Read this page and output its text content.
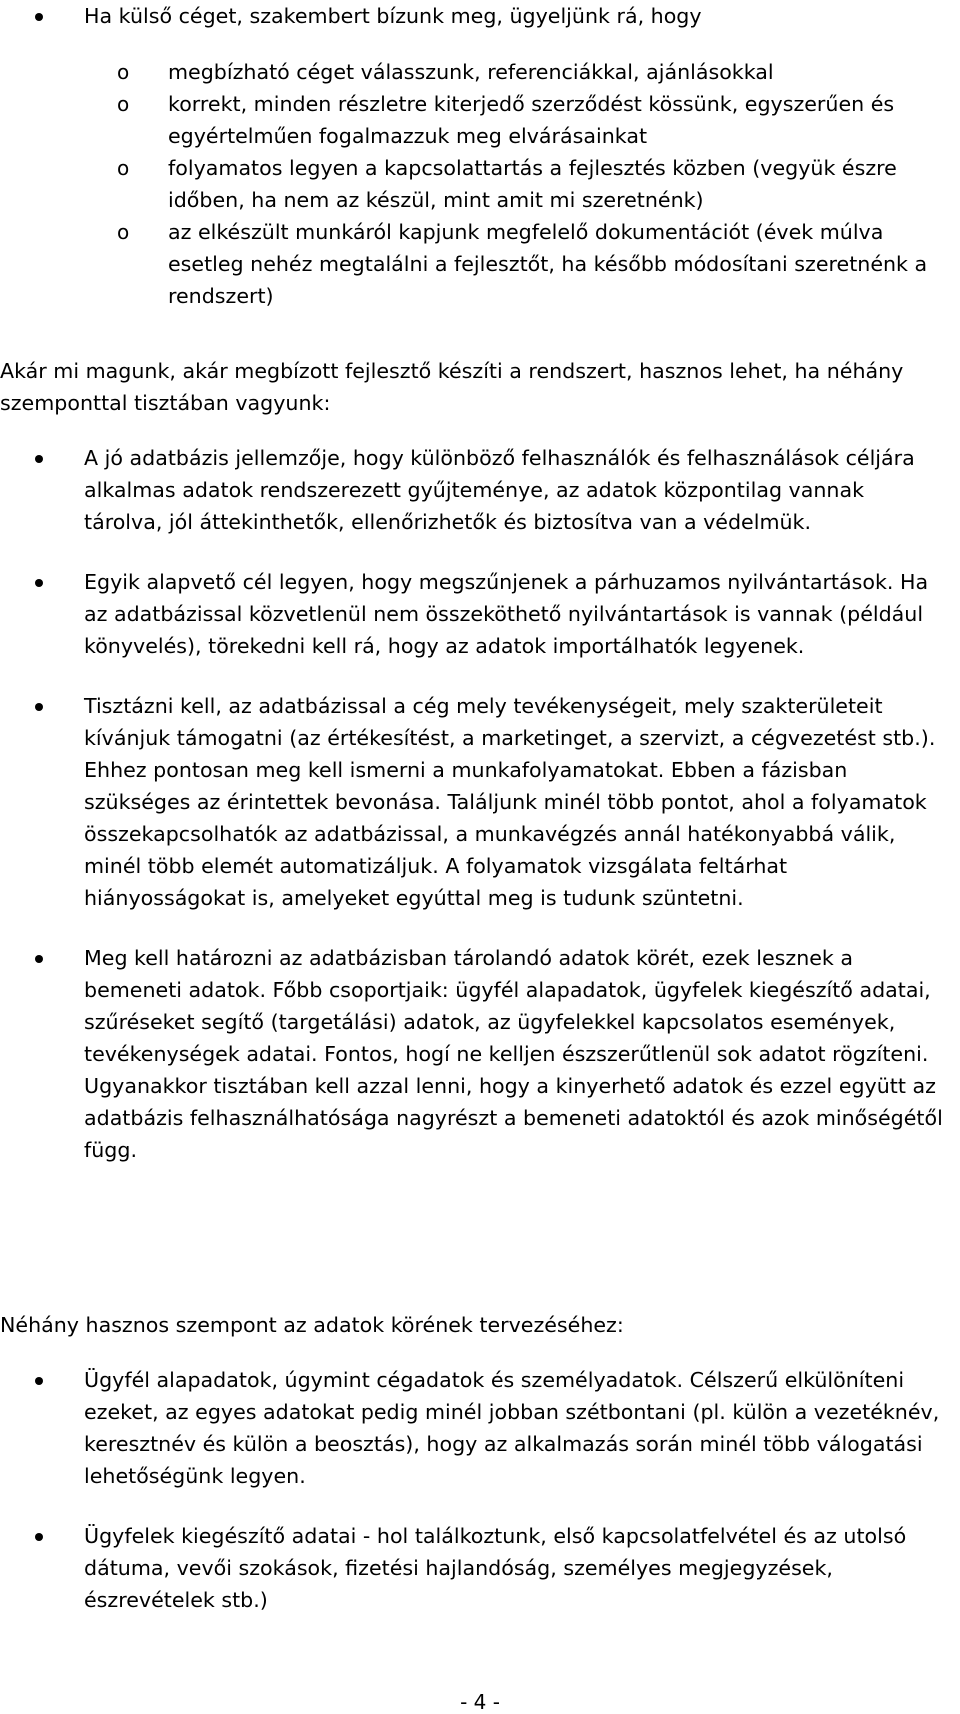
Ha külső céget, szakembert bízunk meg, ügyeljünk rá, hogy
o megbízható céget válasszunk, referenciákkal, ajánlásokkal
o korrekt, minden részletre kiterjedő szerződést kössünk, egyszerűen és egyértelműen fogalmazzuk meg elvárásainkat
o folyamatos legyen a kapcsolattartás a fejlesztés közben (vegyük észre időben, ha nem az készül, mint amit mi szeretnénk)
o az elkészült munkáról kapjunk megfelelő dokumentációt (évek múlva esetleg nehéz megtalálni a fejlesztőt, ha később módosítani szeretnénk a rendszert)

Akár mi magunk, akár megbízott fejlesztő készíti a rendszert, hasznos lehet, ha néhány szemponttal tisztában vagyunk:

A jó adatbázis jellemzője, hogy különböző felhasználók és felhasználások céljára alkalmas adatok rendszerezett gyűjteménye, az adatok központilag vannak tárolva, jól áttekinthetők, ellenőrizhetők és biztosítva van a védelmük.
Egyik alapvető cél legyen, hogy megszűnjenek a párhuzamos nyilvántartások. Ha az adatbázissal közvetlenül nem összeköthető nyilvántartások is vannak (például könyvelés), törekedni kell rá, hogy az adatok importálhatók legyenek.
Tisztázni kell, az adatbázissal a cég mely tevékenységeit, mely szakterületeit kívánjuk támogatni (az értékesítést, a marketinget, a szervizt, a cégvezetést stb.). Ehhez pontosan meg kell ismerni a munkafolyamatokat. Ebben a fázisban szükséges az érintettek bevonása. Találjunk minél több pontot, ahol a folyamatok összekapcsolhatók az adatbázissal, a munkavégzés annál hatékonyabbá válik, minél több elemét automatizáljuk. A folyamatok vizsgálata feltárhat hiányosságokat is, amelyeket egyúttal meg is tudunk szüntetni.
Meg kell határozni az adatbázisban tárolandó adatok körét, ezek lesznek a bemeneti adatok. Főbb csoportjaik: ügyfél alapadatok, ügyfelek kiegészítő adatai, szűréseket segítő (targetálási) adatok, az ügyfelekkel kapcsolatos események, tevékenységek adatai. Fontos, hogí ne kelljen észszerűtlenül sok adatot rögzíteni. Ugyanakkor tisztában kell azzal lenni, hogy a kinyerhető adatok és ezzel együtt az adatbázis felhasználhatósága nagyrészt a bemeneti adatoktól és azok minőségétől függ.

Néhány hasznos szempont az adatok körének tervezéséhez:

Ügyfél alapadatok, úgymint cégadatok és személyadatok. Célszerű elkülöníteni ezeket, az egyes adatokat pedig minél jobban szétbontani (pl. külön a vezetéknév, keresztnév és külön a beosztás), hogy az alkalmazás során minél több válogatási lehetőségünk legyen.
Ügyfelek kiegészítő adatai - hol találkoztunk, első kapcsolatfelvétel és az utolsó dátuma, vevői szokások, fizetési hajlandóság, személyes megjegyzések, észrevételek stb.)
- 4 -
